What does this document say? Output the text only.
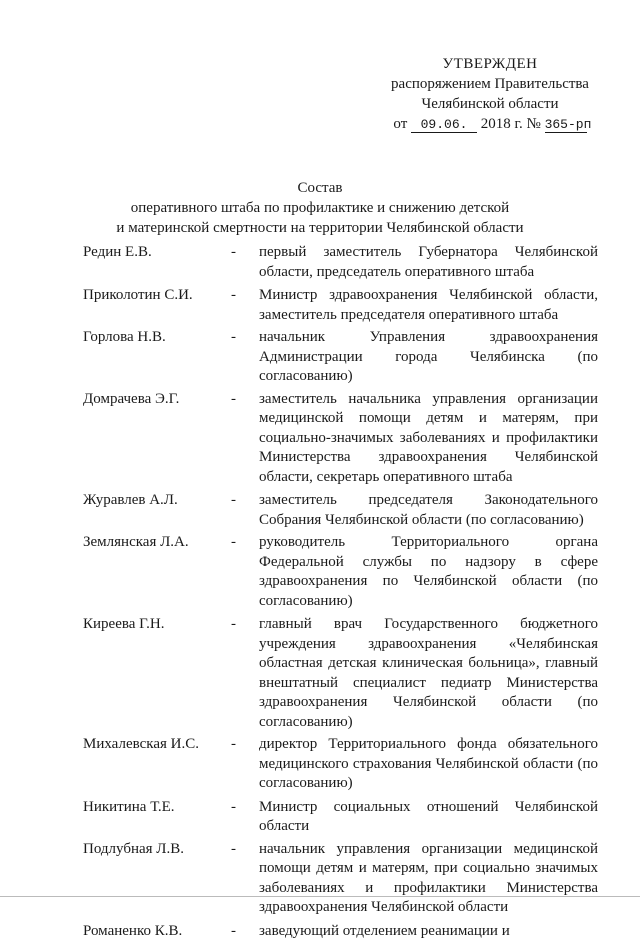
УТВЕРЖДЕН
распоряжением Правительства
Челябинской области
от 09.06. 2018 г. № 365-рп
Состав
оперативного штаба по профилактике и снижению детской
и материнской смертности на территории Челябинской области
Редин Е.В.	- первый заместитель Губернатора Челябинской области, председатель оперативного штаба
Приколотин С.И.	- Министр здравоохранения Челябинской области, заместитель председателя оперативного штаба
Горлова Н.В.	- начальник Управления здравоохранения Администрации города Челябинска (по согласованию)
Домрачева Э.Г.	- заместитель начальника управления организации медицинской помощи детям и матерям, при социально-значимых заболеваниях и профилактики Министерства здравоохранения Челябинской области, секретарь оперативного штаба
Журавлев А.Л.	- заместитель председателя Законодательного Собрания Челябинской области (по согласованию)
Землянская Л.А.	- руководитель Территориального органа Федеральной службы по надзору в сфере здравоохранения по Челябинской области (по согласованию)
Киреева Г.Н.	- главный врач Государственного бюджетного учреждения здравоохранения «Челябинская областная детская клиническая больница», главный внештатный специалист педиатр Министерства здравоохранения Челябинской области (по согласованию)
Михалевская И.С. - директор Территориального фонда обязательного медицинского страхования Челябинской области (по согласованию)
Никитина Т.Е.	- Министр социальных отношений Челябинской области
Подлубная Л.В.	- начальник управления организации медицинской помощи детям и матерям, при социально значимых заболеваниях и профилактики Министерства здравоохранения Челябинской области
Романенко К.В.	- заведующий отделением реанимации и
